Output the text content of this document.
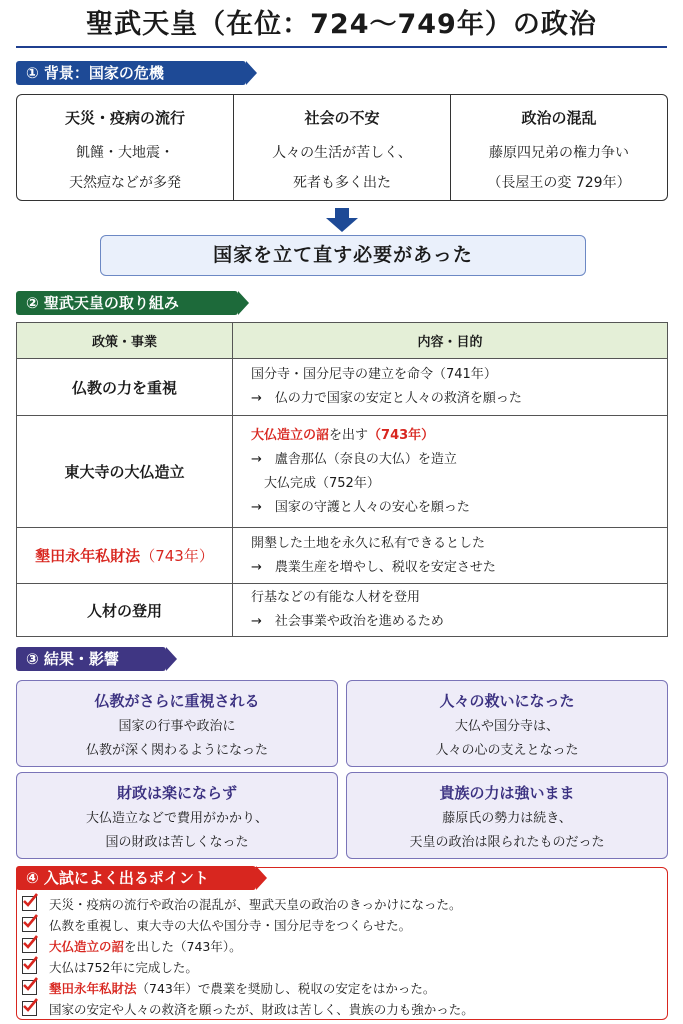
聖武天皇（在位：724〜749年）の政治
① 背景：国家の危機
天災・疫病の流行
飢饉・大地震・
天然痘などが多発
社会の不安
人々の生活が苦しく、
死者も多く出た
政治の混乱
藤原四兄弟の権力争い
（長屋王の変 729年）
国家を立て直す必要があった
② 聖武天皇の取り組み
政策・事業	内容・目的
仏教の力を重視	国分寺・国分尼寺の建立を命令（741年）
→　仏の力で国家の安定と人々の救済を願った

東大寺の大仏造立	大仏造立の詔を出す（743年）
→　盧舎那仏（奈良の大仏）を造立
　大仏完成（752年）
→　国家の守護と人々の安心を願った

墾田永年私財法（743年）	開墾した土地を永久に私有できるとした
→　農業生産を増やし、税収を安定させた

人材の登用	行基などの有能な人材を登用
→　社会事業や政治を進めるため
③ 結果・影響
仏教がさらに重視される
国家の行事や政治に
仏教が深く関わるようになった
人々の救いになった
大仏や国分寺は、
人々の心の支えとなった
財政は楽にならず
大仏造立などで費用がかかり、
国の財政は苦しくなった
貴族の力は強いまま
藤原氏の勢力は続き、
天皇の政治は限られたものだった
④ 入試によく出るポイント
天災・疫病の流行や政治の混乱が、聖武天皇の政治のきっかけになった。
仏教を重視し、東大寺の大仏や国分寺・国分尼寺をつくらせた。
大仏造立の詔 を出した（743年）。
大仏は752年に完成した。
墾田永年私財法 （743年）で農業を奨励し、税収の安定をはかった。
国家の安定や人々の救済を願ったが、財政は苦しく、貴族の力も強かった。
